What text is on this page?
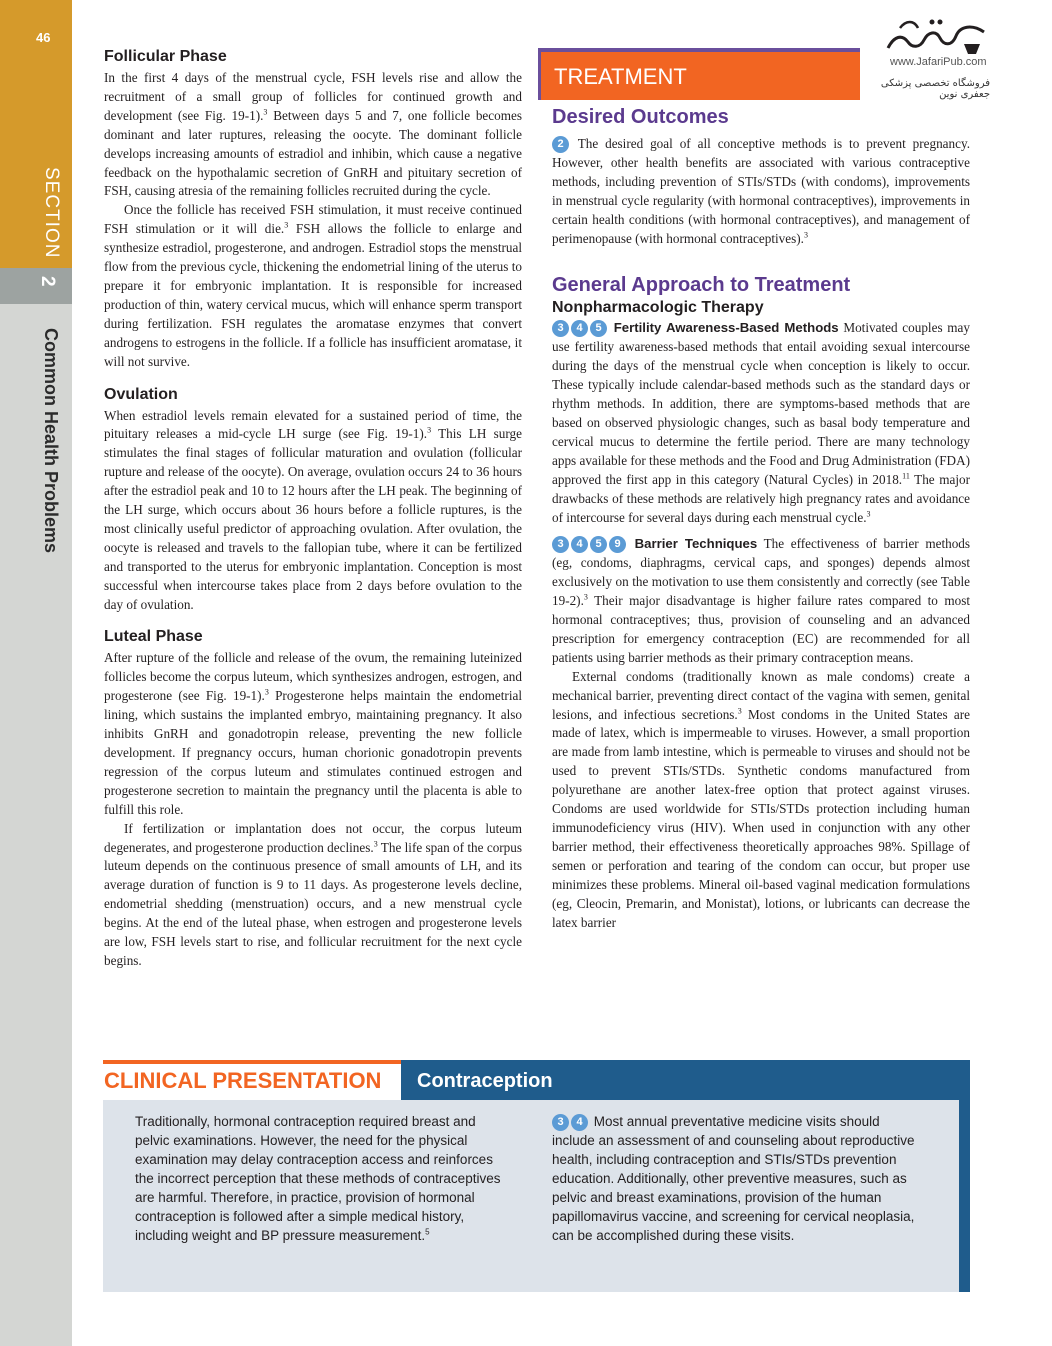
46
SECTION
2
Common Health Problems
Follicular Phase

In the first 4 days of the menstrual cycle, FSH levels rise and allow the recruitment of a small group of follicles for continued growth and development (see Fig. 19-1).$^3$ Between days 5 and 7, one follicle becomes dominant and later ruptures, releasing the oocyte. The dominant follicle develops increasing amounts of estradiol and inhibin, which cause a negative feedback on the hypothalamic secretion of GnRH and pituitary secretion of FSH, causing atresia of the remaining follicles recruited during the cycle.

Once the follicle has received FSH stimulation, it must receive continued FSH stimulation or it will die.$^3$ FSH allows the follicle to enlarge and synthesize estradiol, progesterone, and androgen. Estradiol stops the menstrual flow from the previous cycle, thickening the endometrial lining of the uterus to prepare it for embryonic implantation. It is responsible for increased production of thin, watery cervical mucus, which will enhance sperm transport during fertilization. FSH regulates the aromatase enzymes that convert androgens to estrogens in the follicle. If a follicle has insufficient aromatase, it will not survive.

Ovulation

When estradiol levels remain elevated for a sustained period of time, the pituitary releases a mid-cycle LH surge (see Fig. 19-1).$^3$ This LH surge stimulates the final stages of follicular maturation and ovulation (follicular rupture and release of the oocyte). On average, ovulation occurs 24 to 36 hours after the estradiol peak and 10 to 12 hours after the LH peak. The beginning of the LH surge, which occurs about 36 hours before a follicle ruptures, is the most clinically useful predictor of approaching ovulation. After ovulation, the oocyte is released and travels to the fallopian tube, where it can be fertilized and transported to the uterus for embryonic implantation. Conception is most successful when intercourse takes place from 2 days before ovulation to the day of ovulation.

Luteal Phase

After rupture of the follicle and release of the ovum, the remaining luteinized follicles become the corpus luteum, which synthesizes androgen, estrogen, and progesterone (see Fig. 19-1).$^3$ Progesterone helps maintain the endometrial lining, which sustains the implanted embryo, maintaining pregnancy. It also inhibits GnRH and gonadotropin release, preventing the new follicle development. If pregnancy occurs, human chorionic gonadotropin prevents regression of the corpus luteum and stimulates continued estrogen and progesterone secretion to maintain the pregnancy until the placenta is able to fulfill this role.

If fertilization or implantation does not occur, the corpus luteum degenerates, and progesterone production declines.$^3$ The life span of the corpus luteum depends on the continuous presence of small amounts of LH, and its average duration of function is 9 to 11 days. As progesterone levels decline, endometrial shedding (menstruation) occurs, and a new menstrual cycle begins. At the end of the luteal phase, when estrogen and progesterone levels are low, FSH levels start to rise, and follicular recruitment for the next cycle begins.

TREATMENT
www.JafariPub.com
فروشگاه تخصصی پزشکی جعفری نوین
Desired Outcomes

2 The desired goal of all conceptive methods is to prevent pregnancy. However, other health benefits are associated with various contraceptive methods, including prevention of STIs/STDs (with condoms), improvements in menstrual cycle regularity (with hormonal contraceptives), improvements in certain health conditions (with hormonal contraceptives), and management of perimenopause (with hormonal contraceptives).$^3$

General Approach to Treatment
Nonpharmacologic Therapy

3 4 5 Fertility Awareness-Based Methods Motivated couples may use fertility awareness-based methods that entail avoiding sexual intercourse during the days of the menstrual cycle when conception is likely to occur. These typically include calendar-based methods such as the standard days or rhythm methods. In addition, there are symptoms-based methods that are based on observed physiologic changes, such as basal body temperature and cervical mucus to determine the fertile period. There are many technology apps available for these methods and the Food and Drug Administration (FDA) approved the first app in this category (Natural Cycles) in 2018.11 The major drawbacks of these methods are relatively high pregnancy rates and avoidance of intercourse for several days during each menstrual cycle.$^3$

3 4 5 9 Barrier Techniques The effectiveness of barrier methods (eg, condoms, diaphragms, cervical caps, and sponges) depends almost exclusively on the motivation to use them consistently and correctly (see Table 19-2).$^3$ Their major disadvantage is higher failure rates compared to most hormonal contraceptives; thus, provision of counseling and an advanced prescription for emergency contraception (EC) are recommended for all patients using barrier methods as their primary contraception means.

External condoms (traditionally known as male condoms) create a mechanical barrier, preventing direct contact of the vagina with semen, genital lesions, and infectious secretions.$^3$ Most condoms in the United States are made of latex, which is impermeable to viruses. However, a small proportion are made from lamb intestine, which is permeable to viruses and should not be used to prevent STIs/STDs. Synthetic condoms manufactured from polyurethane are another latex-free option that protect against viruses. Condoms are used worldwide for STIs/STDs protection including human immunodeficiency virus (HIV). When used in conjunction with any other barrier method, their effectiveness theoretically approaches 98%. Spillage of semen or perforation and tearing of the condom can occur, but proper use minimizes these problems. Mineral oil-based vaginal medication formulations (eg, Cleocin, Premarin, and Monistat), lotions, or lubricants can decrease the latex barrier

CLINICAL PRESENTATION Contraception
Traditionally, hormonal contraception required breast and pelvic examinations. However, the need for the physical examination may delay contraception access and reinforces the incorrect perception that these methods of contraceptives are harmful. Therefore, in practice, provision of hormonal contraception is followed after a simple medical history, including weight and BP pressure measurement.$^5$
3 4 Most annual preventative medicine visits should include an assessment of and counseling about reproductive health, including contraception and STIs/STDs prevention education. Additionally, other preventive measures, such as pelvic and breast examinations, provision of the human papillomavirus vaccine, and screening for cervical neoplasia, can be accomplished during these visits.
